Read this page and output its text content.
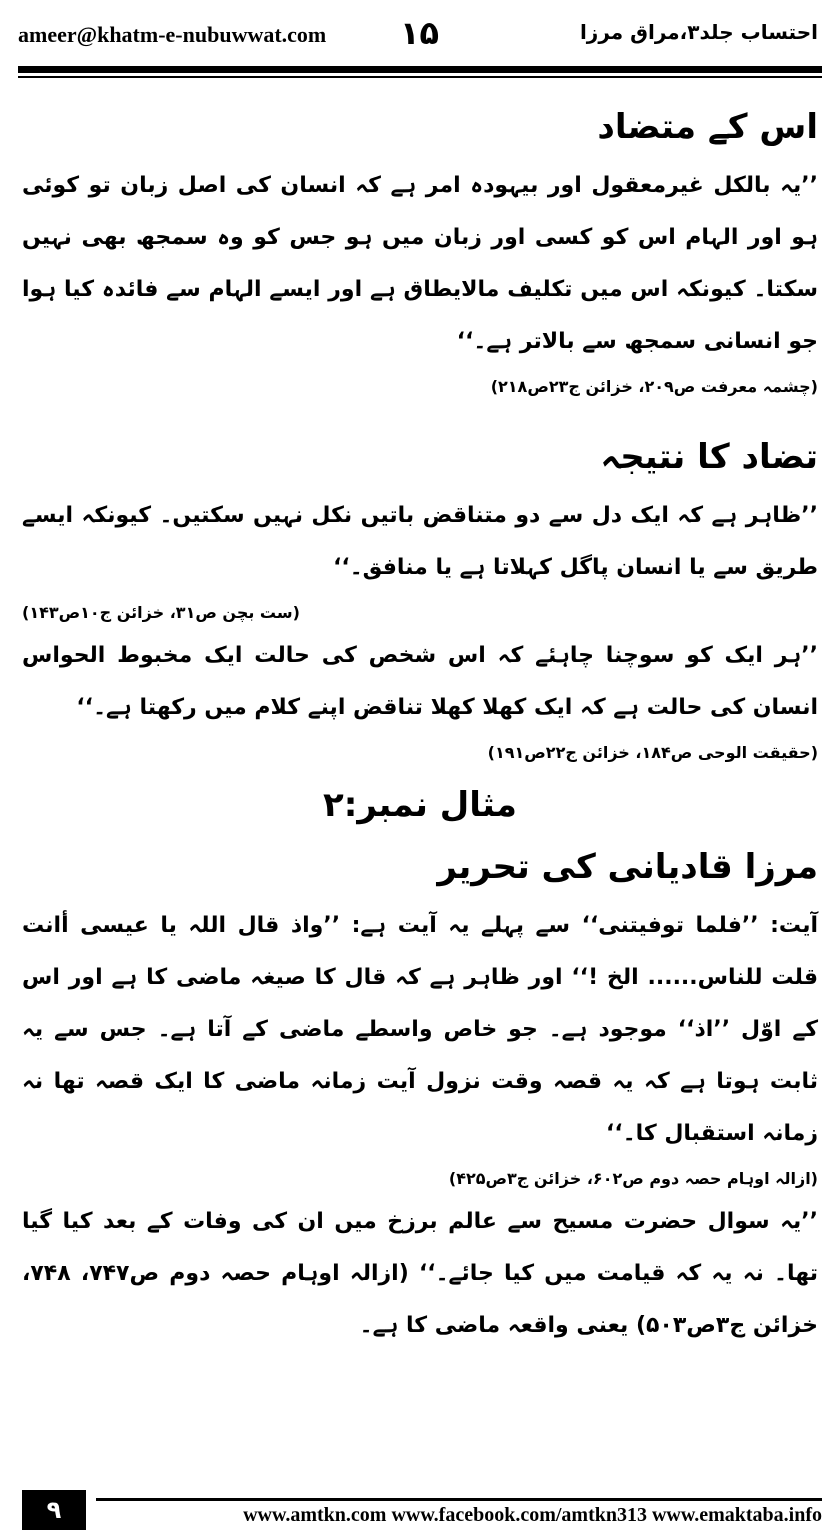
ameer@khatm-e-nubuwwat.com ۱۵	احتساب جلد۳،مراق مرزا
اس کے متضاد
’’یہ بالکل غیرمعقول اور بیہودہ امر ہے کہ انسان کی اصل زبان تو کوئی ہو اور الہام اس کو کسی اور زبان میں ہو جس کو وہ سمجھ بھی نہیں سکتا۔ کیونکہ اس میں تکلیف مالایطاق ہے اور ایسے الہام سے فائدہ کیا ہوا جو انسانی سمجھ سے بالاتر ہے۔‘‘
(چشمہ معرفت ص۲۰۹، خزائن ج۲۳ص۲۱۸)
تضاد کا نتیجہ
’’ظاہر ہے کہ ایک دل سے دو متناقض باتیں نکل نہیں سکتیں۔ کیونکہ ایسے طریق سے یا انسان پاگل کہلاتا ہے یا منافق۔‘‘
(ست بچن ص۳۱، خزائن ج۱۰ص۱۴۳)
’’ہر ایک کو سوچنا چاہئے کہ اس شخص کی حالت ایک مخبوط الحواس انسان کی حالت ہے کہ ایک کھلا کھلا تناقض اپنے کلام میں رکھتا ہے۔‘‘
(حقیقت الوحی ص۱۸۴، خزائن ج۲۲ص۱۹۱)
مثال نمبر:۲
مرزا قادیانی کی تحریر
آیت: ’’فلما توفیتنی‘‘ سے پہلے یہ آیت ہے: ’’واذ قال اللہ یا عیسی أانت قلت للناس...... الخ !‘‘ اور ظاہر ہے کہ قال کا صیغہ ماضی کا ہے اور اس کے اوّل ’’اذ‘‘ موجود ہے۔ جو خاص واسطے ماضی کے آتا ہے۔ جس سے یہ ثابت ہوتا ہے کہ یہ قصہ وقت نزول آیت زمانہ ماضی کا ایک قصہ تھا نہ زمانہ استقبال کا۔‘‘
(ازالہ اوہام حصہ دوم ص۶۰۲، خزائن ج۳ص۴۲۵)
’’یہ سوال حضرت مسیح سے عالم برزخ میں ان کی وفات کے بعد کیا گیا تھا۔ نہ یہ کہ قیامت میں کیا جائے۔‘‘ (ازالہ اوہام حصہ دوم ص۷۴۷، ۷۴۸، خزائن ج۳ص۵۰۳) یعنی واقعہ ماضی کا ہے۔
۹	www.amtkn.com www.facebook.com/amtkn313 www.emaktaba.info
